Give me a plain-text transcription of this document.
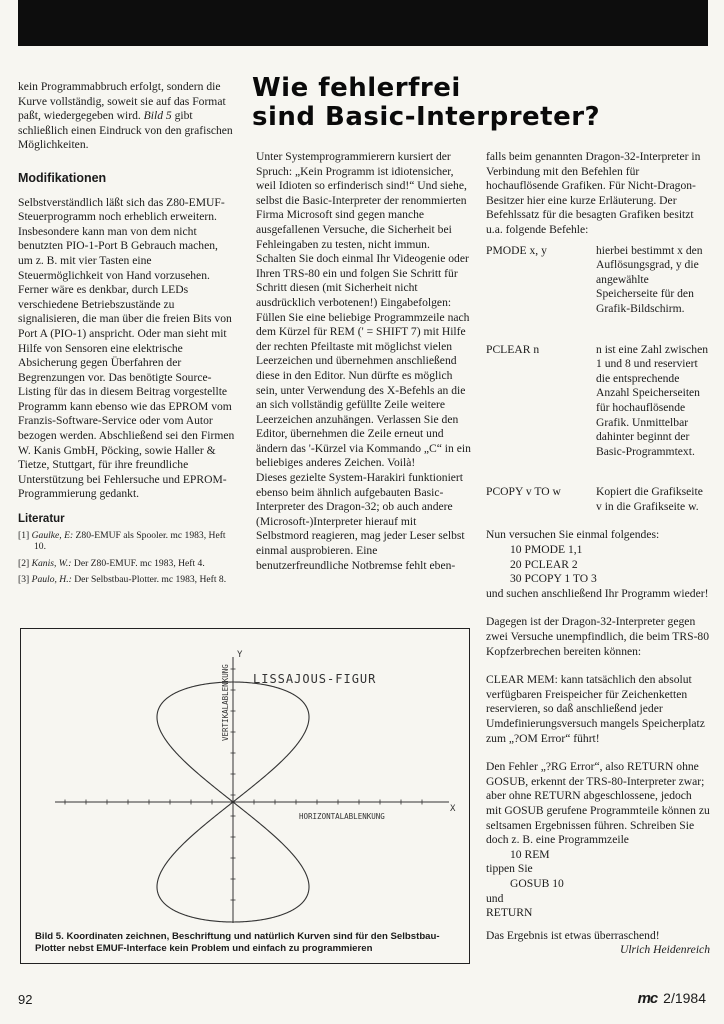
kein Programmabbruch erfolgt, sondern die Kurve vollständig, soweit sie auf das Format paßt, wiedergegeben wird. Bild 5 gibt schließlich einen Eindruck von den grafischen Möglichkeiten.

Modifikationen

Selbstverständlich läßt sich das Z80-EMUF-Steuerprogramm noch erheblich erweitern. Insbesondere kann man von dem nicht benutzten PIO-1-Port B Gebrauch machen, um z. B. mit vier Tasten eine Steuermöglichkeit von Hand vorzusehen. Ferner wäre es denkbar, durch LEDs verschiedene Betriebszustände zu signalisieren, die man über die freien Bits von Port A (PIO-1) anspricht. Oder man sieht mit Hilfe von Sensoren eine elektrische Absicherung gegen Überfahren der Begrenzungen vor. Das benötigte Source-Listing für das in diesem Beitrag vorgestellte Programm kann ebenso wie das EPROM vom Franzis-Software-Service oder vom Autor bezogen werden. Abschließend sei den Firmen W. Kanis GmbH, Pöcking, sowie Haller & Tietze, Stuttgart, für ihre freundliche Unterstützung bei Fehlersuche und EPROM-Programmierung gedankt.

Literatur

[1] Gaulke, E: Z80-EMUF als Spooler. mc 1983, Heft 10.

[2] Kanis, W.: Der Z80-EMUF. mc 1983, Heft 4.

[3] Paulo, H.: Der Selbstbau-Plotter. mc 1983, Heft 8.

Wie fehlerfrei
sind Basic-Interpreter?

Unter Systemprogrammierern kursiert der Spruch: „Kein Programm ist idiotensicher, weil Idioten so erfinderisch sind!“ Und siehe, selbst die Basic-Interpreter der renommierten Firma Microsoft sind gegen manche ausgefallenen Versuche, die Sicherheit bei Fehleingaben zu testen, nicht immun.

Schalten Sie doch einmal Ihr Videogenie oder Ihren TRS-80 ein und folgen Sie Schritt für Schritt diesen (mit Sicherheit nicht ausdrücklich verbotenen!) Eingabefolgen:

Füllen Sie eine beliebige Programmzeile nach dem Kürzel für REM (' = SHIFT 7) mit Hilfe der rechten Pfeiltaste mit möglichst vielen Leerzeichen und übernehmen anschließend diese in den Editor. Nun dürfte es möglich sein, unter Verwendung des X-Befehls an die an sich vollständig gefüllte Zeile weitere Leerzeichen anzuhängen. Verlassen Sie den Editor, übernehmen die Zeile erneut und ändern das '-Kürzel via Kommando „C“ in ein beliebiges anderes Zeichen. Voilà!

Dieses gezielte System-Harakiri funktioniert ebenso beim ähnlich aufgebauten Basic-Interpreter des Dragon-32; ob auch andere (Microsoft-)Interpreter hierauf mit Selbstmord reagieren, mag jeder Leser selbst einmal ausprobieren. Eine benutzerfreundliche Notbremse fehlt eben-

falls beim genannten Dragon-32-Interpreter in Verbindung mit den Befehlen für hochauflösende Grafiken. Für Nicht-Dragon-Besitzer hier eine kurze Erläuterung. Der Befehlssatz für die besagten Grafiken besitzt u.a. folgende Befehle:

PMODE x, y	hierbei bestimmt x den Auflösungsgrad, y die angewählte Speicherseite für den Grafik-Bildschirm.
PCLEAR n	n ist eine Zahl zwischen 1 und 8 und reserviert die entsprechende Anzahl Speicherseiten für hochauflösende Grafik. Unmittelbar dahinter beginnt der Basic-Programmtext.
PCOPY v TO w	Kopiert die Grafikseite v in die Grafikseite w.

Nun versuchen Sie einmal folgendes:

10 PMODE 1,1

20 PCLEAR 2

30 PCOPY 1 TO 3

und suchen anschließend Ihr Programm wieder!

Dagegen ist der Dragon-32-Interpreter gegen zwei Versuche unempfindlich, die beim TRS-80 Kopfzerbrechen bereiten können:

CLEAR MEM: kann tatsächlich den absolut verfügbaren Freispeicher für Zeichenketten reservieren, so daß anschließend jeder Umdefinierungsversuch mangels Speicherplatz zum „?OM Error“ führt!

Den Fehler „?RG Error“, also RETURN ohne GOSUB, erkennt der TRS-80-Interpreter zwar; aber ohne RETURN abgeschlossene, jedoch mit GOSUB gerufene Programmteile können zu seltsamen Ergebnissen führen. Schreiben Sie doch z. B. eine Programmzeile

10 REM

tippen Sie

GOSUB 10

und

RETURN

Das Ergebnis ist etwas überraschend!

Ulrich Heidenreich

LISSAJOUS-FIGUR
HORIZONTALABLENKUNG
VERTIKALABLENKUNG
X
Y

Bild 5. Koordinaten zeichnen, Beschriftung und natürlich Kurven sind für den Selbstbau-Plotter nebst EMUF-Interface kein Problem und einfach zu programmieren

92	mc 2/1984
